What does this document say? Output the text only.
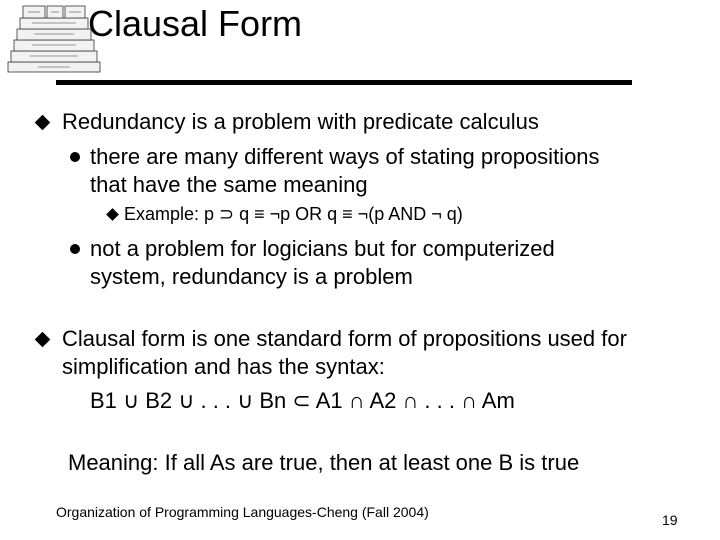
Clausal Form
Redundancy is a problem with predicate calculus
there are many different ways of stating propositions
that have the same meaning
Example: p ⊃ q ≡ ¬p OR q ≡ ¬(p AND ¬ q)
not a problem for logicians but for computerized
system, redundancy is a problem
Clausal form is one standard form of propositions used for
simplification and has the syntax:
B1 ∪ B2 ∪ . . . ∪ Bn ⊂ A1 ∩ A2 ∩ . . . ∩ Am
Meaning: If all As are true, then at least one B is true
Organization of Programming Languages-Cheng (Fall 2004)	19
